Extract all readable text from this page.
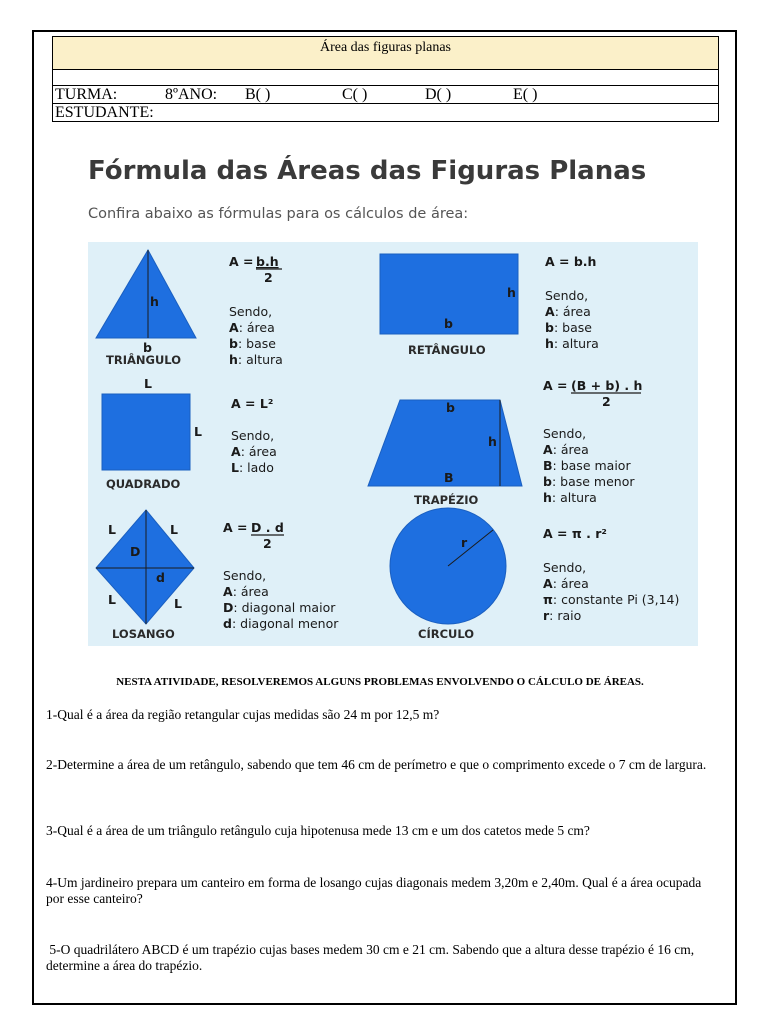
Área das figuras planas

TURMA:	8ºANO: B( )	C( )	D( )	E( )
ESTUDANTE:
Fórmula das Áreas das Figuras Planas
Confira abaixo as fórmulas para os cálculos de área:
h
b
TRIÂNGULO
A = b.h
2
Sendo,
A: área
b: base
h: altura
h
b
RETÂNGULO
A = b.h
Sendo,
A: área
b: base
h: altura
L
L
QUADRADO
A = L²
Sendo,
A: área
L: lado
b
h
B
TRAPÉZIO
A = (B + b) . h
2
Sendo,
A: área
B: base maior
b: base menor
h: altura
L	L
L	L
D
d
LOSANGO
A = D . d
2
Sendo,
A: área
D: diagonal maior
d: diagonal menor
r
CÍRCULO
A = π . r²
Sendo,
A: área
π: constante Pi (3,14)
r: raio
NESTA ATIVIDADE, RESOLVEREMOS ALGUNS PROBLEMAS ENVOLVENDO O CÁLCULO DE ÁREAS.
1-Qual é a área da região retangular cujas medidas são 24 m por 12,5 m?
2-Determine a área de um retângulo, sabendo que tem 46 cm de perímetro e que o comprimento excede o 7 cm de largura.
3-Qual é a área de um triângulo retângulo cuja hipotenusa mede 13 cm e um dos catetos mede 5 cm?
4-Um jardineiro prepara um canteiro em forma de losango cujas diagonais medem 3,20m e 2,40m. Qual é a área ocupada por esse canteiro?
5-O quadrilátero ABCD é um trapézio cujas bases medem 30 cm e 21 cm. Sabendo que a altura desse trapézio é 16 cm, determine a área do trapézio.
